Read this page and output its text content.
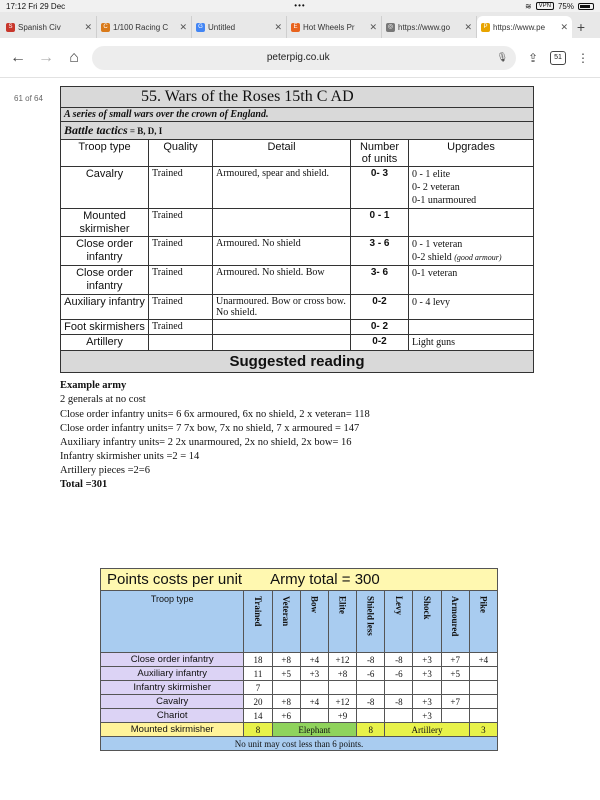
17:12 Fri 29 Dec	•••	≋	VPN 75%
S Spanish Civ	✕	C 1/100 Racing C	✕	G Untitled	✕	E Hot Wheels Pr	✕	◎ https://www.go	✕	P https://www.pe	✕ +
← → ⌂	peterpig.co.uk	🎙	⇪	51	⋮
61 of 64	55. Wars of the Roses 15th C AD				
A series of small wars over the crown of England.				
Battle tactics = B, D, I				
Troop type	Quality	Detail	Number of units	Upgrades
Cavalry	Trained	Armoured, spear and shield.	0- 3	0 - 1 elite
0- 2 veteran
0-1 unarmoured

Mounted skirmisher	Trained		0 - 1	
Close order infantry	Trained	Armoured. No shield	3 - 6	0 - 1 veteran
0-2 shield (good armour)

Close order infantry	Trained	Armoured. No shield. Bow	3- 6	0-1 veteran

Auxiliary infantry	Trained	Unarmoured. Bow or cross bow. No shield.	0-2	0 - 4 levy

Foot skirmishers	Trained		0- 2	
Artillery			0-2	Light guns

Suggested reading				
Example army
2 generals at no cost
Close order infantry units= 6 6x armoured, 6x no shield, 2 x veteran= 118
Close order infantry units= 7 7x bow, 7x no shield, 7 x armoured = 147
Auxiliary infantry units= 2 2x unarmoured, 2x no shield, 2x bow= 16
Infantry skirmisher units =2 = 14
Artillery pieces =2=6
Total =301
Points costs per unit Army total = 300									
Troop type	Trained	Veteran	Bow	Elite	Shield less	Levy	Shock	Armoured	Pike
Close order infantry	18	+8	+4	+12	-8	-8	+3	+7	+4
Auxiliary infantry	11	+5	+3	+8	-6	-6	+3	+5	
Infantry skirmisher	7								
Cavalry	20	+8	+4	+12	-8	-8	+3	+7	
Chariot	14	+6		+9			+3		
Mounted skirmisher	8	Elephant			8	Artillery			3
No unit may cost less than 6 points.									
